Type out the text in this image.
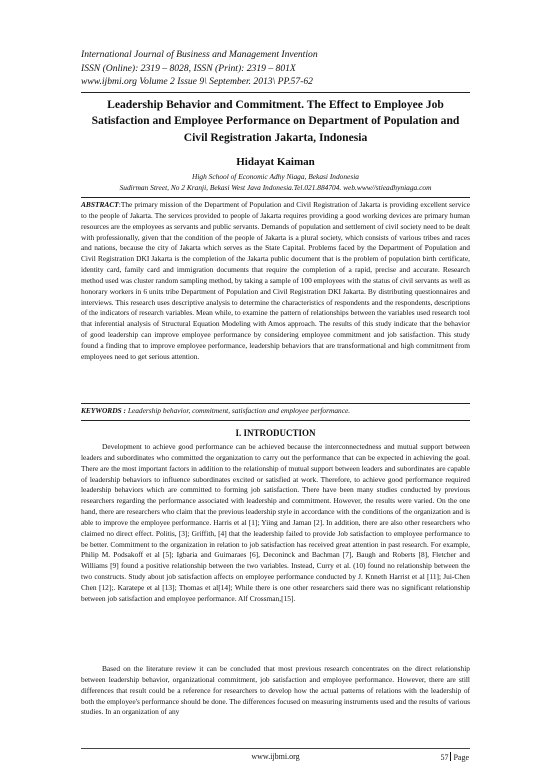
International Journal of Business and Management Invention
ISSN (Online): 2319 – 8028, ISSN (Print): 2319 – 801X
www.ijbmi.org Volume 2 Issue 9\ September. 2013\ PP.57-62
Leadership Behavior and Commitment. The Effect to Employee Job Satisfaction and Employee Performance on Department of Population and Civil Registration Jakarta, Indonesia
Hidayat Kaiman
High School of Economic Adhy Niaga, Bekasi Indonesia
Sudirman Street, No 2 Kranji, Bekasi West Java Indonesia.Tel.021.884704. web.www//stieadhyniaga.com
ABSTRACT:The primary mission of the Department of Population and Civil Registration of Jakarta is providing excellent service to the people of Jakarta. The services provided to people of Jakarta requires providing a good working devices are primary human resources are the employees as servants and public servants. Demands of population and settlement of civil society need to be dealt with professionally, given that the condition of the people of Jakarta is a plural society, which consists of various tribes and races and nations, because the city of Jakarta which serves as the State Capital. Problems faced by the Department of Population and Civil Registration DKI Jakarta is the completion of the Jakarta public document that is the problem of population birth certificate, identity card, family card and immigration documents that require the completion of a rapid, precise and accurate. Research method used was cluster random sampling method, by taking a sample of 100 employees with the status of civil servants as well as honorary workers in 6 units tribe Department of Population and Civil Registration DKI Jakarta. By distributing questionnaires and interviews. This research uses descriptive analysis to determine the characteristics of respondents and the respondents, descriptions of the indicators of research variables. Mean while, to examine the pattern of relationships between the variables used research tool that inferential analysis of Structural Equation Modeling with Amos approach. The results of this study indicate that the behavior of good leadership can improve employee performance by considering employee commitment and job satisfaction. This study found a finding that to improve employee performance, leadership behaviors that are transformational and high commitment from employees need to get serious attention.
KEYWORDS : Leadership behavior, commitment, satisfaction and employee performance.
I. INTRODUCTION
Development to achieve good performance can be achieved because the interconnectedness and mutual support between leaders and subordinates who committed the organization to carry out the performance that can be expected in achieving the goal. There are the most important factors in addition to the relationship of mutual support between leaders and subordinates are capable of leadership behaviors to influence subordinates excited or satisfied at work. Therefore, to achieve good performance required leadership behaviors which are committed to forming job satisfaction. There have been many studies conducted by previous researchers regarding the performance associated with leadership and commitment. However, the results were varied. On the one hand, there are researchers who claim that the previous leadership style in accordance with the conditions of the organization and is able to improve the employee performance. Harris et al [1]; Yiing and Jaman [2]. In addition, there are also other researchers who claimed no direct effect. Politis, [3]; Griffith, [4] that the leadership failed to provide Job satisfaction to employee performance to be better. Commitment to the organization in relation to job satisfaction has received great attention in past research. For example, Philip M. Podsakoff et al [5]; Igbaria and Guimaraes [6], Deconinck and Bachman [7], Baugh and Roberts [8], Fletcher and Williams [9] found a positive relationship between the two variables. Instead, Curry et al. (10) found no relationship between the two constructs. Study about job satisfaction affects on employee performance conducted by J. Knneth Harrist et al [11]; Jui-Chen Chen [12];. Karatepe et al [13]; Thomas et al[14]; While there is one other researchers said there was no significant relationship between job satisfaction and employee performance. Alf Crossman,[15].
Based on the literature review it can be concluded that most previous research concentrates on the direct relationship between leadership behavior, organizational commitment, job satisfaction and employee performance. However, there are still differences that result could be a reference for researchers to develop how the actual patterns of relations with the leadership of both the employee's performance should be done. The differences focused on measuring instruments used and the results of various studies. In an organization of any
www.ijbmi.org	57 Page
